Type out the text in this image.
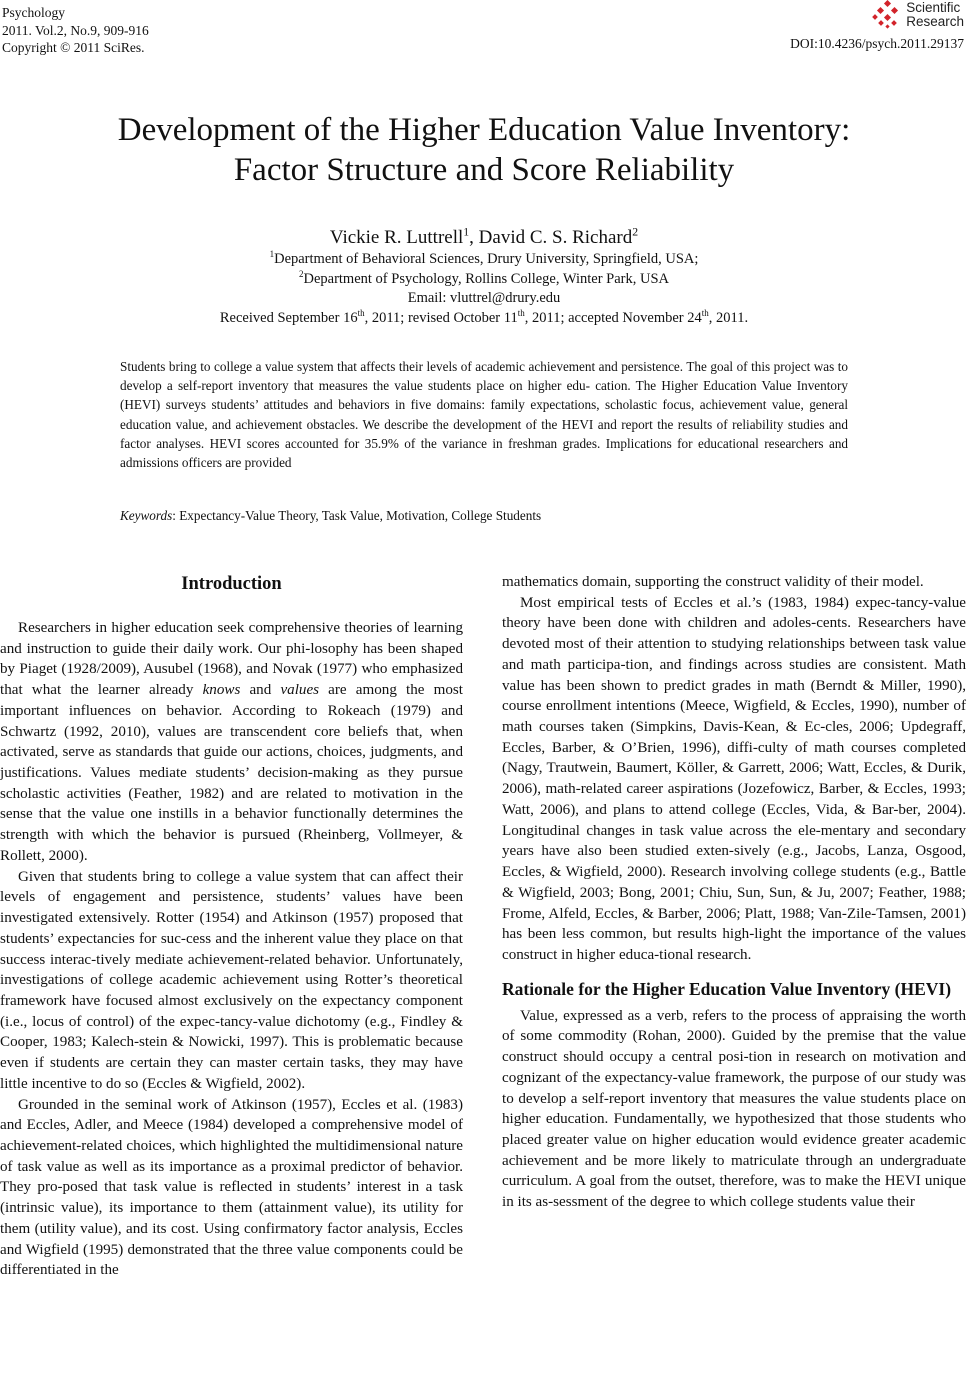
Psychology
2011. Vol.2, No.9, 909-916
Copyright © 2011 SciRes.
Scientific
Research
DOI:10.4236/psych.2011.29137
Development of the Higher Education Value Inventory:
Factor Structure and Score Reliability
Vickie R. Luttrell$^1$, David C. S. Richard$^2$
$^1$Department of Behavioral Sciences, Drury University, Springfield, USA;
$^2$Department of Psychology, Rollins College, Winter Park, USA
Email: vluttrel@drury.edu
Received September 16th, 2011; revised October 11th, 2011; accepted November 24th, 2011.
Students bring to college a value system that affects their levels of academic achievement and persistence. The goal of this project was to develop a self-report inventory that measures the value students place on higher edu- cation. The Higher Education Value Inventory (HEVI) surveys students’ attitudes and behaviors in five domains: family expectations, scholastic focus, achievement value, general education value, and achievement obstacles. We describe the development of the HEVI and report the results of reliability studies and factor analyses. HEVI scores accounted for 35.9% of the variance in freshman grades. Implications for educational researchers and admissions officers are provided
Keywords: Expectancy-Value Theory, Task Value, Motivation, College Students
Introduction

Researchers in higher education seek comprehensive theories of learning and instruction to guide their daily work. Our phi-losophy has been shaped by Piaget (1928/2009), Ausubel (1968), and Novak (1977) who emphasized that what the learner already knows and values are among the most important influences on behavior. According to Rokeach (1979) and Schwartz (1992, 2010), values are transcendent core beliefs that, when activated, serve as standards that guide our actions, choices, judgments, and justifications. Values mediate students’ decision-making as they pursue scholastic activities (Feather, 1982) and are related to motivation in the sense that the value one instills in a behavior functionally determines the strength with which the behavior is pursued (Rheinberg, Vollmeyer, & Rollett, 2000).

Given that students bring to college a value system that can affect their levels of engagement and persistence, students’ values have been investigated extensively. Rotter (1954) and Atkinson (1957) proposed that students’ expectancies for suc-cess and the inherent value they place on that success interac-tively mediate achievement-related behavior. Unfortunately, investigations of college academic achievement using Rotter’s theoretical framework have focused almost exclusively on the expectancy component (i.e., locus of control) of the expec-tancy-value dichotomy (e.g., Findley & Cooper, 1983; Kalech-stein & Nowicki, 1997). This is problematic because even if students are certain they can master certain tasks, they may have little incentive to do so (Eccles & Wigfield, 2002).

Grounded in the seminal work of Atkinson (1957), Eccles et al. (1983) and Eccles, Adler, and Meece (1984) developed a comprehensive model of achievement-related choices, which highlighted the multidimensional nature of task value as well as its importance as a proximal predictor of behavior. They pro-posed that task value is reflected in students’ interest in a task (intrinsic value), its importance to them (attainment value), its utility for them (utility value), and its cost. Using confirmatory factor analysis, Eccles and Wigfield (1995) demonstrated that the three value components could be differentiated in the

mathematics domain, supporting the construct validity of their model.

Most empirical tests of Eccles et al.’s (1983, 1984) expec-tancy-value theory have been done with children and adoles-cents. Researchers have devoted most of their attention to studying relationships between task value and math participa-tion, and findings across studies are consistent. Math value has been shown to predict grades in math (Berndt & Miller, 1990), course enrollment intentions (Meece, Wigfield, & Eccles, 1990), number of math courses taken (Simpkins, Davis-Kean, & Ec-cles, 2006; Updegraff, Eccles, Barber, & O’Brien, 1996), diffi-culty of math courses completed (Nagy, Trautwein, Baumert, Köller, & Garrett, 2006; Watt, Eccles, & Durik, 2006), math-related career aspirations (Jozefowicz, Barber, & Eccles, 1993; Watt, 2006), and plans to attend college (Eccles, Vida, & Bar-ber, 2004). Longitudinal changes in task value across the ele-mentary and secondary years have also been studied exten-sively (e.g., Jacobs, Lanza, Osgood, Eccles, & Wigfield, 2000). Research involving college students (e.g., Battle & Wigfield, 2003; Bong, 2001; Chiu, Sun, Sun, & Ju, 2007; Feather, 1988; Frome, Alfeld, Eccles, & Barber, 2006; Platt, 1988; Van-Zile-Tamsen, 2001) has been less common, but results high-light the importance of the values construct in higher educa-tional research.

Rationale for the Higher Education Value Inventory (HEVI)

Value, expressed as a verb, refers to the process of appraising the worth of some commodity (Rohan, 2000). Guided by the premise that the value construct should occupy a central posi-tion in research on motivation and cognizant of the expectancy-value framework, the purpose of our study was to develop a self-report inventory that measures the value students place on higher education. Fundamentally, we hypothesized that those students who placed greater value on higher education would evidence greater academic achievement and be more likely to matriculate through an undergraduate curriculum. A goal from the outset, therefore, was to make the HEVI unique in its as-sessment of the degree to which college students value their
